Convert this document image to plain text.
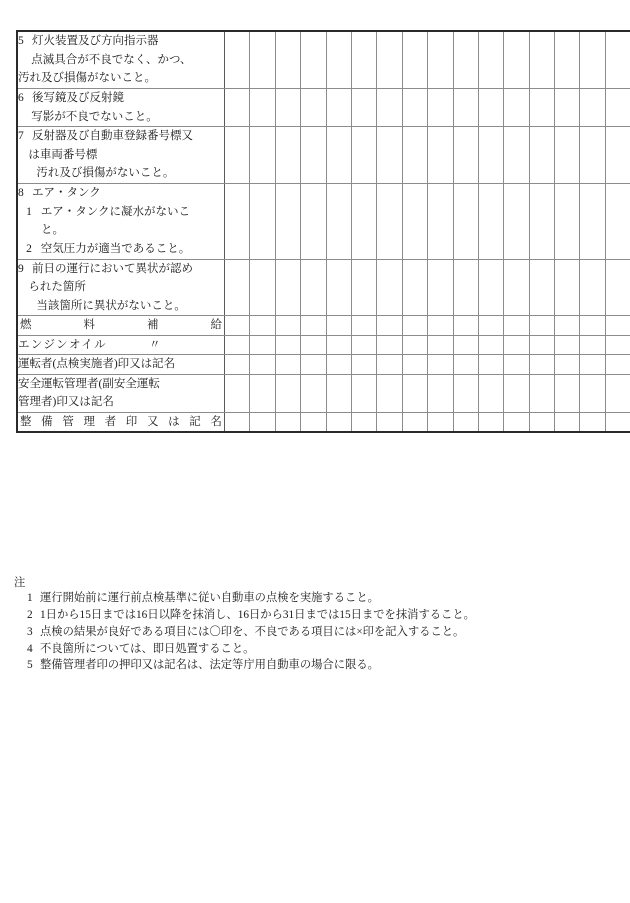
5 灯火装置及び方向指示器
点滅具合が不良でなく、かつ、
汚れ及び損傷がないこと。																

6 後写鏡及び反射鏡
写影が不良でないこと。																

7 反射器及び自動車登録番号標又
は車両番号標
汚れ及び損傷がないこと。																

8 エア・タンク
1 エア・タンクに凝水がないこ
と。
2 空気圧力が適当であること。																

9 前日の運行において異状が認め
られた箇所
当該箇所に異状がないこと。																

燃 料 補 給																

エンジンオイル 〃																

運転者(点検実施者)印又は記名																

安全運転管理者(副安全運転
管理者)印又は記名																

整 備 管 理 者 印 又 は 記 名

注
1 運行開始前に運行前点検基準に従い自動車の点検を実施すること。
2 1日から15日までは16日以降を抹消し、16日から31日までは15日までを抹消すること。
3 点検の結果が良好である項目には〇印を、不良である項目には×印を記入すること。
4 不良箇所については、即日処置すること。
5 整備管理者印の押印又は記名は、法定等庁用自動車の場合に限る。
